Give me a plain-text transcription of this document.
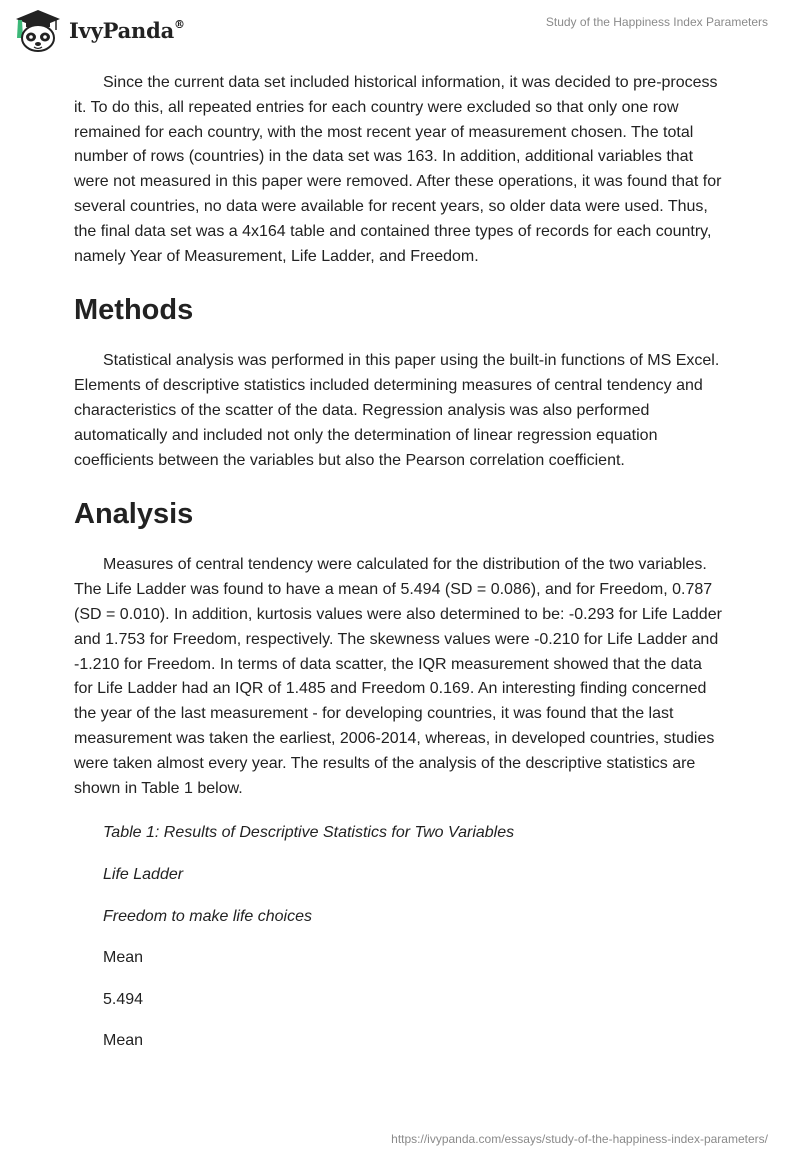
IvyPanda®	Study of the Happiness Index Parameters

Since the current data set included historical information, it was decided to pre-process it. To do this, all repeated entries for each country were excluded so that only one row remained for each country, with the most recent year of measurement chosen. The total number of rows (countries) in the data set was 163. In addition, additional variables that were not measured in this paper were removed. After these operations, it was found that for several countries, no data were available for recent years, so older data were used. Thus, the final data set was a 4x164 table and contained three types of records for each country, namely Year of Measurement, Life Ladder, and Freedom.

Methods

Statistical analysis was performed in this paper using the built-in functions of MS Excel. Elements of descriptive statistics included determining measures of central tendency and characteristics of the scatter of the data. Regression analysis was also performed automatically and included not only the determination of linear regression equation coefficients between the variables but also the Pearson correlation coefficient.

Analysis

Measures of central tendency were calculated for the distribution of the two variables. The Life Ladder was found to have a mean of 5.494 (SD = 0.086), and for Freedom, 0.787 (SD = 0.010). In addition, kurtosis values were also determined to be: -0.293 for Life Ladder and 1.753 for Freedom, respectively. The skewness values were -0.210 for Life Ladder and -1.210 for Freedom. In terms of data scatter, the IQR measurement showed that the data for Life Ladder had an IQR of 1.485 and Freedom 0.169. An interesting finding concerned the year of the last measurement - for developing countries, it was found that the last measurement was taken the earliest, 2006-2014, whereas, in developed countries, studies were taken almost every year. The results of the analysis of the descriptive statistics are shown in Table 1 below.

Table 1: Results of Descriptive Statistics for Two Variables
Life Ladder
Freedom to make life choices
Mean
5.494
Mean
https://ivypanda.com/essays/study-of-the-happiness-index-parameters/
